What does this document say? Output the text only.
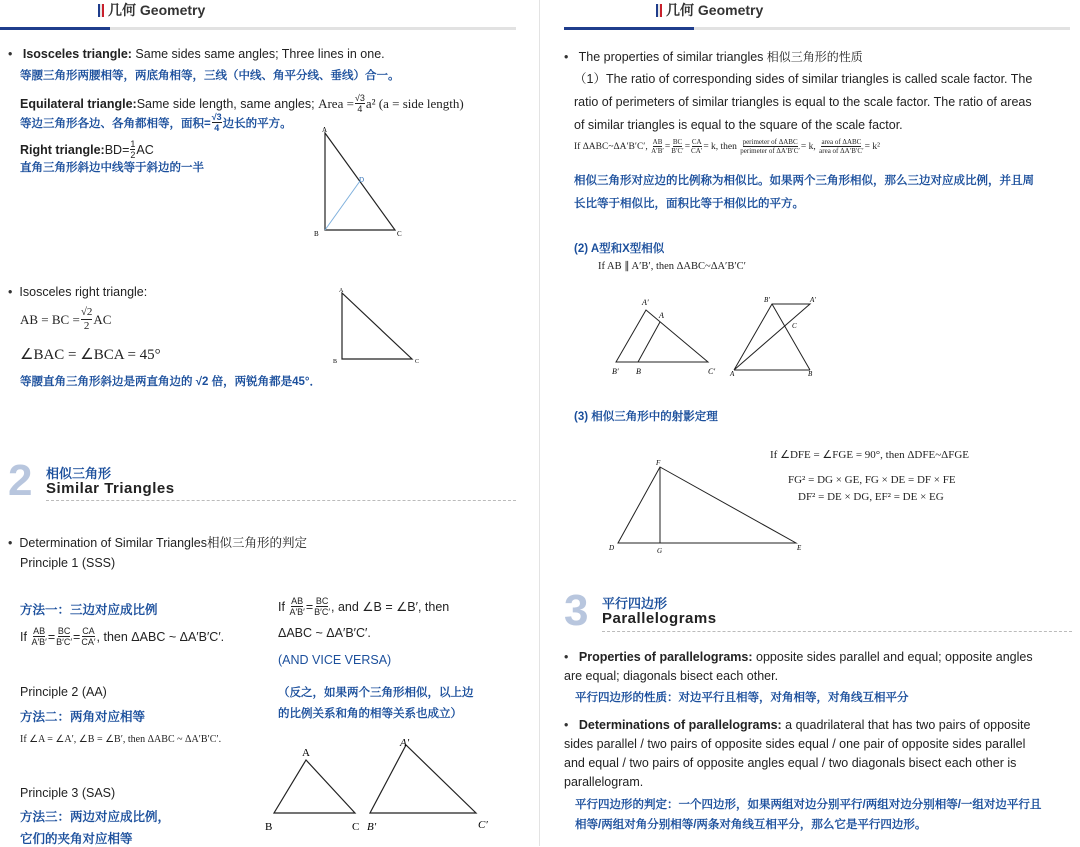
几何 Geometry
• Isosceles triangle: Same sides same angles; Three lines in one.
等腰三角形两腰相等，两底角相等，三线（中线、角平分线、垂线）合一。
Equilateral triangle: Same side length, same angles;
Area = $\frac{√3}{4} a^2$ (a = side length)
等边三角形各边、各角都相等，面积= $\frac{√3}{4}$ 边长的平方。
Right triangle: $BD= \frac{1}{2}$ AC
直角三角形斜边中线等于斜边的一半
A
B	C
D
• Isosceles right triangle:
AB = BC = $\frac{√2}{2}$ AC
∠BAC = ∠BCA = 45°
等腰直角三角形斜边是两直角边的 √2 倍，两锐角都是45°．
A
B	C
2 相似三角形
Similar Triangles
• Determination of Similar Triangles相似三角形的判定
Principle 1 (SSS)
方法一：三边对应成比例
If
$\frac{AB}{A'B'} = \frac{BC}{B'C'} = \frac{CA}{CA'}$ , then ΔABC ~ ΔA′B′C′.
If
$\frac{AB}{A'B'} = \frac{BC}{B'C'}$ , and ∠B = ∠B′, then
ΔABC ~ ΔA′B′C′.
(AND VICE VERSA)
（反之，如果两个三角形相似，以上边的比例关系和角的相等关系也成立）
Principle 2 (AA)
方法二：两角对应相等
If ∠A = ∠A′, ∠B = ∠B′, then ΔABC ~ ΔA′B′C′.
Principle 3 (SAS)
方法三：两边对应成比例，
它们的夹角对应相等
A
B	C
A′
B′	C′
几何 Geometry
• The properties of similar triangles 相似三角形的性质
（1）The ratio of corresponding sides of similar triangles is called scale factor. The ratio of perimeters of similar triangles is equal to the scale factor. The ratio of areas of similar triangles is equal to the square of the scale factor.
If ΔABC~ΔA′B′C′,
$\frac{AB}{A'B'} = \frac{BC}{B'C'} = \frac{CA}{CA'} = k$, then
$\frac{\text{perimeter of ΔABC}}{\text{perimeter of ΔA′B′C′}} = k$,
$\frac{\text{area of ΔABC}}{\text{area of ΔA′B′C′}} = k^2$
相似三角形对应边的比例称为相似比。如果两个三角形相似，那么三边对应成比例，并且周长比等于相似比，面积比等于相似比的平方。
(2) A型和X型相似
If AB ∥ A′B′, then ΔABC~ΔA′B′C′
A′
A
B′ B	C′
B′	A′
C
A	B
(3) 相似三角形中的射影定理
If ∠DFE = ∠FGE = 90°, then ΔDFE~ΔFGE
FG² = DG × GE, FG × DE = DF × FE
DF² = DE × DG, EF² = DE × EG
F
D	G	E
3 平行四边形
Parallelograms
• Properties of parallelograms: opposite sides parallel and equal; opposite angles are equal; diagonals bisect each other.
平行四边形的性质：对边平行且相等，对角相等，对角线互相平分
• Determinations of parallelograms: a quadrilateral that has two pairs of opposite sides parallel / two pairs of opposite sides equal / one pair of opposite sides parallel and equal / two pairs of opposite angles equal / two diagonals bisect each other is parallelogram.
平行四边形的判定：一个四边形，如果两组对边分别平行/两组对边分别相等/一组对边平行且相等/两组对角分别相等/两条对角线互相平分，那么它是平行四边形。
